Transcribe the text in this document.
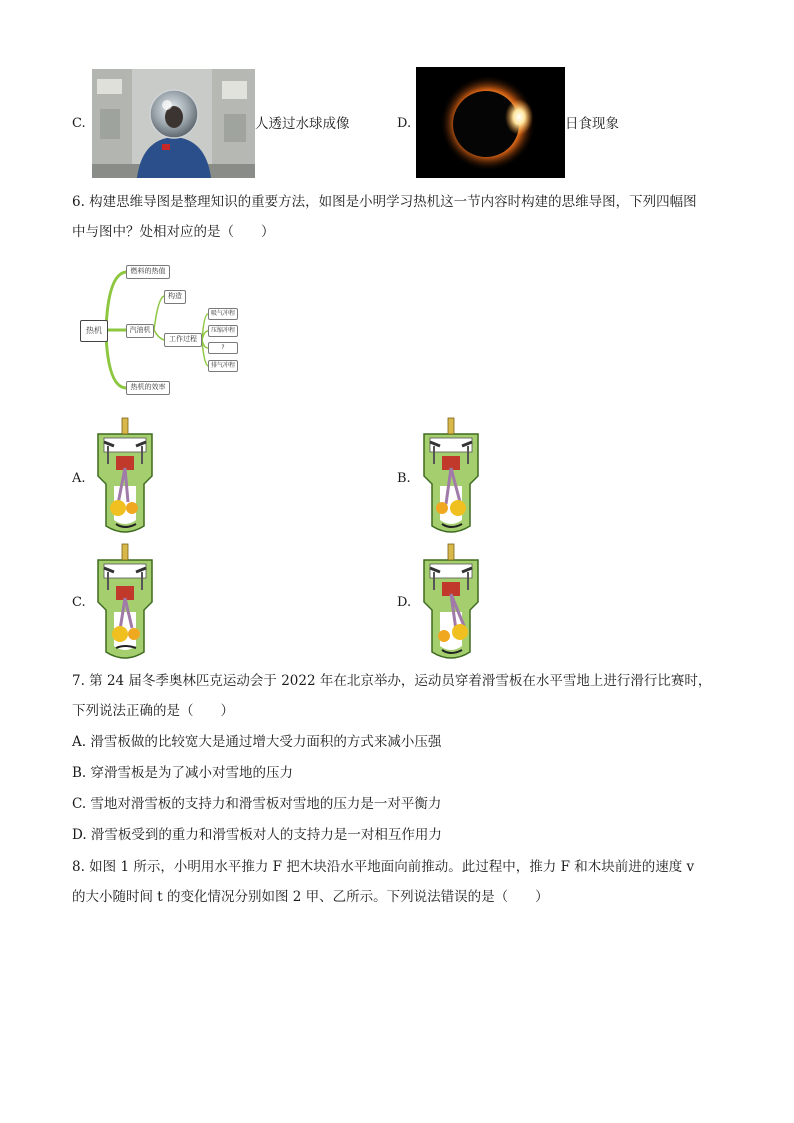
C.	人透过水球成像	D.	日食现象
6. 构建思维导图是整理知识的重要方法，如图是小明学习热机这一节内容时构建的思维导图，下列四幅图
中与图中？处相对应的是（　　）
热机
燃料的热值
汽油机
构造
工作过程
热机的效率
吸气冲程
压缩冲程
?
排气冲程
A.	B.
C.	D.
7. 第 24 届冬季奥林匹克运动会于 2022 年在北京举办，运动员穿着滑雪板在水平雪地上进行滑行比赛时，
下列说法正确的是（　　）
A. 滑雪板做的比较宽大是通过增大受力面积的方式来减小压强
B. 穿滑雪板是为了减小对雪地的压力
C. 雪地对滑雪板的支持力和滑雪板对雪地的压力是一对平衡力
D. 滑雪板受到的重力和滑雪板对人的支持力是一对相互作用力
8. 如图 1 所示，小明用水平推力 F 把木块沿水平地面向前推动。此过程中，推力 F 和木块前进的速度 v
的大小随时间 t 的变化情况分别如图 2 甲、乙所示。下列说法错误的是（　　）
